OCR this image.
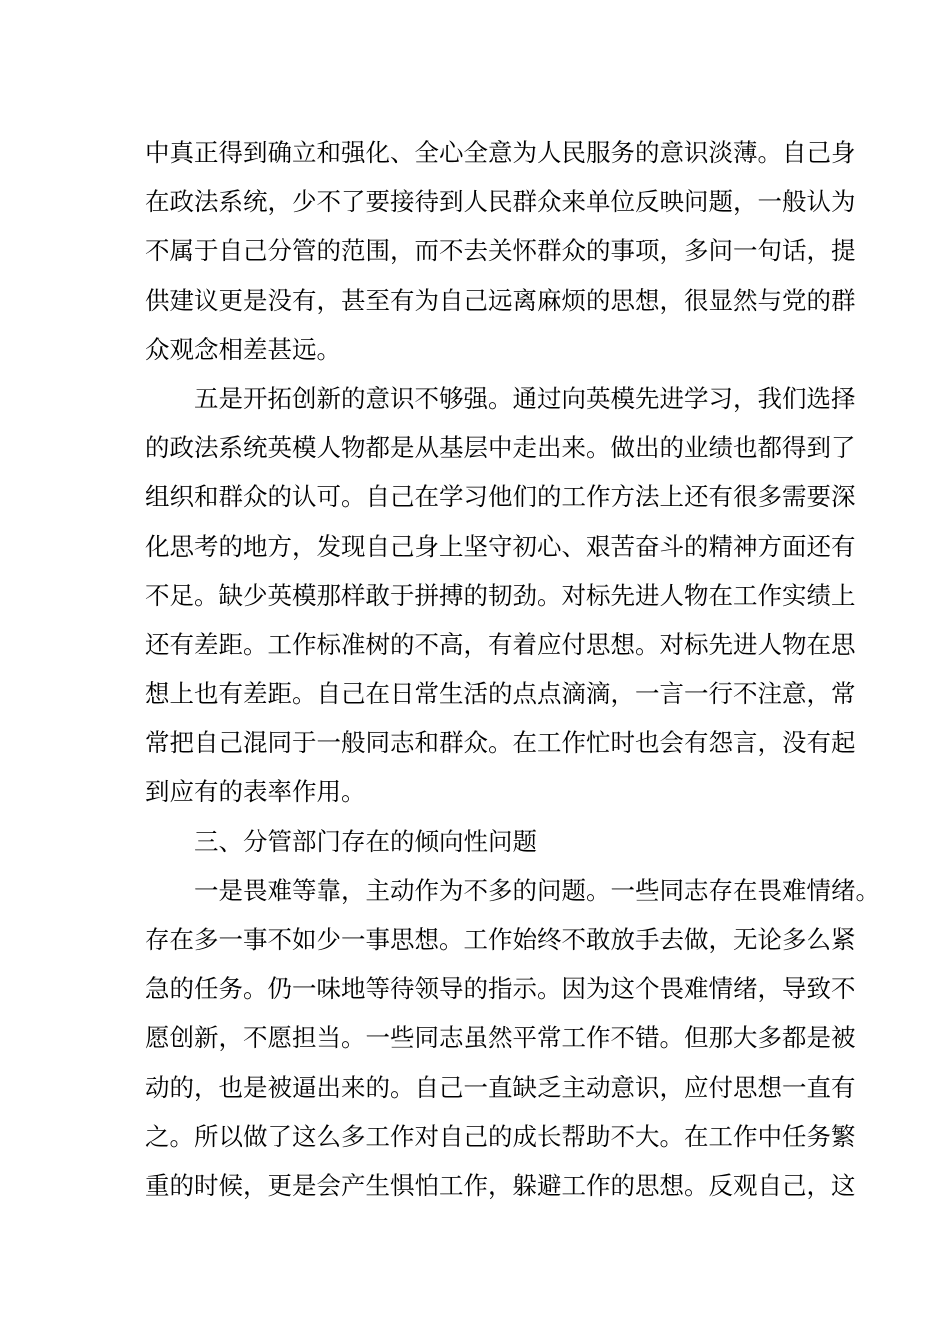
中真正得到确立和强化、全心全意为人民服务的意识淡薄。自己身
在政法系统，少不了要接待到人民群众来单位反映问题，一般认为
不属于自己分管的范围，而不去关怀群众的事项，多问一句话，提
供建议更是没有，甚至有为自己远离麻烦的思想，很显然与党的群
众观念相差甚远。
五是开拓创新的意识不够强。通过向英模先进学习，我们选择
的政法系统英模人物都是从基层中走出来。做出的业绩也都得到了
组织和群众的认可。自己在学习他们的工作方法上还有很多需要深
化思考的地方，发现自己身上坚守初心、艰苦奋斗的精神方面还有
不足。缺少英模那样敢于拼搏的韧劲。对标先进人物在工作实绩上
还有差距。工作标准树的不高，有着应付思想。对标先进人物在思
想上也有差距。自己在日常生活的点点滴滴，一言一行不注意，常
常把自己混同于一般同志和群众。在工作忙时也会有怨言，没有起
到应有的表率作用。
三、分管部门存在的倾向性问题
一是畏难等靠，主动作为不多的问题。一些同志存在畏难情绪。
存在多一事不如少一事思想。工作始终不敢放手去做，无论多么紧
急的任务。仍一味地等待领导的指示。因为这个畏难情绪，导致不
愿创新，不愿担当。一些同志虽然平常工作不错。但那大多都是被
动的，也是被逼出来的。自己一直缺乏主动意识，应付思想一直有
之。所以做了这么多工作对自己的成长帮助不大。在工作中任务繁
重的时候，更是会产生惧怕工作，躲避工作的思想。反观自己，这
